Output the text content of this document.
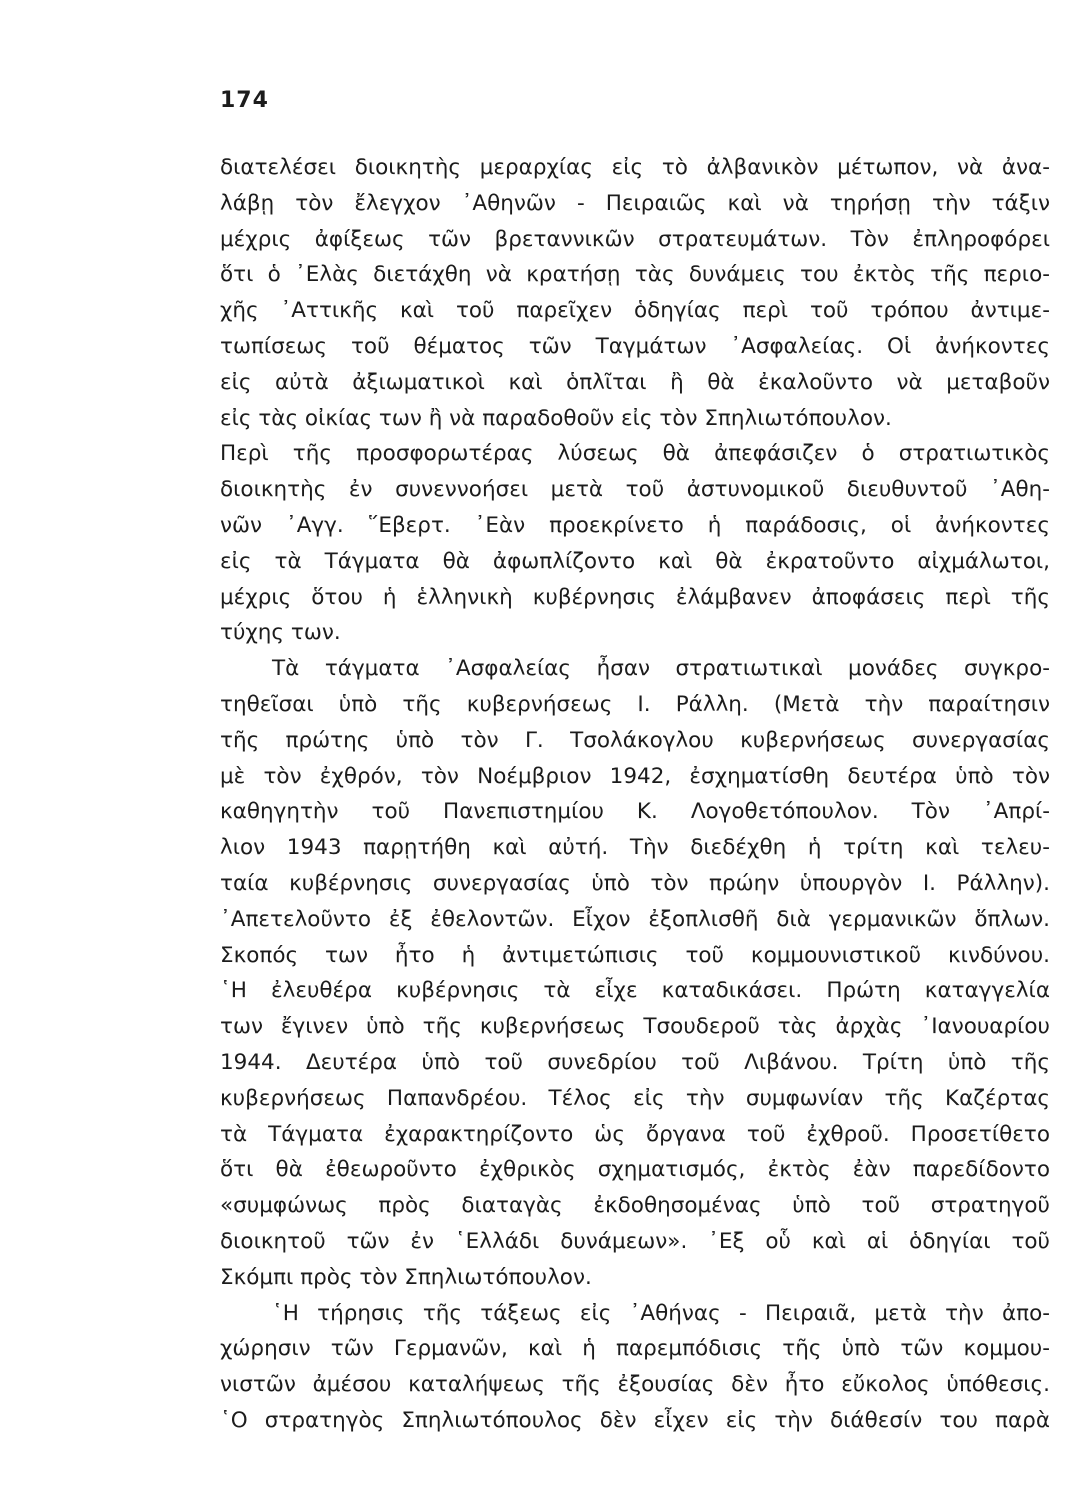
174
διατελέσει διοικητὴς μεραρχίας εἰς τὸ ἀλβανικὸν μέτωπον, νὰ ἀνα-
λάβῃ τὸν ἔλεγχον ᾿Αθηνῶν - Πειραιῶς καὶ νὰ τηρήσῃ τὴν τάξιν
μέχρις ἀφίξεως τῶν βρεταννικῶν στρατευμάτων. Τὸν ἐπληροφόρει
ὅτι ὁ ᾿Ελὰς διετάχθη νὰ κρατήσῃ τὰς δυνάμεις του ἐκτὸς τῆς περιο-
χῆς ᾿Αττικῆς καὶ τοῦ παρεῖχεν ὁδηγίας περὶ τοῦ τρόπου ἀντιμε-
τωπίσεως τοῦ θέματος τῶν Ταγμάτων ᾿Ασφαλείας. Οἱ ἀνήκοντες
εἰς αὐτὰ ἀξιωματικοὶ καὶ ὁπλῖται ἢ θὰ ἐκαλοῦντο νὰ μεταβοῦν
εἰς τὰς οἰκίας των ἢ νὰ παραδοθοῦν εἰς τὸν Σπηλιωτόπουλον.
Περὶ τῆς προσφορωτέρας λύσεως θὰ ἀπεφάσιζεν ὁ στρατιωτικὸς
διοικητὴς ἐν συνεννοήσει μετὰ τοῦ ἀστυνομικοῦ διευθυντοῦ ᾿Αθη-
νῶν ᾿Αγγ. ῞Εβερτ. ᾿Εὰν προεκρίνετο ἡ παράδοσις, οἱ ἀνήκοντες
εἰς τὰ Τάγματα θὰ ἀφωπλίζοντο καὶ θὰ ἐκρατοῦντο αἰχμάλωτοι,
μέχρις ὅτου ἡ ἑλληνικὴ κυβέρνησις ἐλάμβανεν ἀποφάσεις περὶ τῆς
τύχης των.
Τὰ τάγματα ᾿Ασφαλείας ἦσαν στρατιωτικαὶ μονάδες συγκρο-
τηθεῖσαι ὑπὸ τῆς κυβερνήσεως Ι. Ράλλη. (Μετὰ τὴν παραίτησιν
τῆς πρώτης ὑπὸ τὸν Γ. Τσολάκογλου κυβερνήσεως συνεργασίας
μὲ τὸν ἐχθρόν, τὸν Νοέμβριον 1942, ἐσχηματίσθη δευτέρα ὑπὸ τὸν
καθηγητὴν τοῦ Πανεπιστημίου Κ. Λογοθετόπουλον. Τὸν ᾿Απρί-
λιον 1943 παρῃτήθη καὶ αὐτή. Τὴν διεδέχθη ἡ τρίτη καὶ τελευ-
ταία κυβέρνησις συνεργασίας ὑπὸ τὸν πρώην ὑπουργὸν Ι. Ράλλην).
᾿Απετελοῦντο ἐξ ἐθελοντῶν. Εἶχον ἐξοπλισθῆ διὰ γερμανικῶν ὅπλων.
Σκοπός των ἦτο ἡ ἀντιμετώπισις τοῦ κομμουνιστικοῦ κινδύνου.
῾Η ἐλευθέρα κυβέρνησις τὰ εἶχε καταδικάσει. Πρώτη καταγγελία
των ἔγινεν ὑπὸ τῆς κυβερνήσεως Τσουδεροῦ τὰς ἀρχὰς ᾿Ιανουαρίου
1944. Δευτέρα ὑπὸ τοῦ συνεδρίου τοῦ Λιβάνου. Τρίτη ὑπὸ τῆς
κυβερνήσεως Παπανδρέου. Τέλος εἰς τὴν συμφωνίαν τῆς Καζέρτας
τὰ Τάγματα ἐχαρακτηρίζοντο ὡς ὄργανα τοῦ ἐχθροῦ. Προσετίθετο
ὅτι θὰ ἐθεωροῦντο ἐχθρικὸς σχηματισμός, ἐκτὸς ἐὰν παρεδίδοντο
«συμφώνως πρὸς διαταγὰς ἐκδοθησομένας ὑπὸ τοῦ στρατηγοῦ
διοικητοῦ τῶν ἐν ῾Ελλάδι δυνάμεων». ᾿Εξ οὗ καὶ αἱ ὁδηγίαι τοῦ
Σκόμπι πρὸς τὸν Σπηλιωτόπουλον.
῾Η τήρησις τῆς τάξεως εἰς ᾿Αθήνας - Πειραιᾶ, μετὰ τὴν ἀπο-
χώρησιν τῶν Γερμανῶν, καὶ ἡ παρεμπόδισις τῆς ὑπὸ τῶν κομμου-
νιστῶν ἀμέσου καταλήψεως τῆς ἐξουσίας δὲν ἦτο εὔκολος ὑπόθεσις.
῾Ο στρατηγὸς Σπηλιωτόπουλος δὲν εἶχεν εἰς τὴν διάθεσίν του παρὰ
